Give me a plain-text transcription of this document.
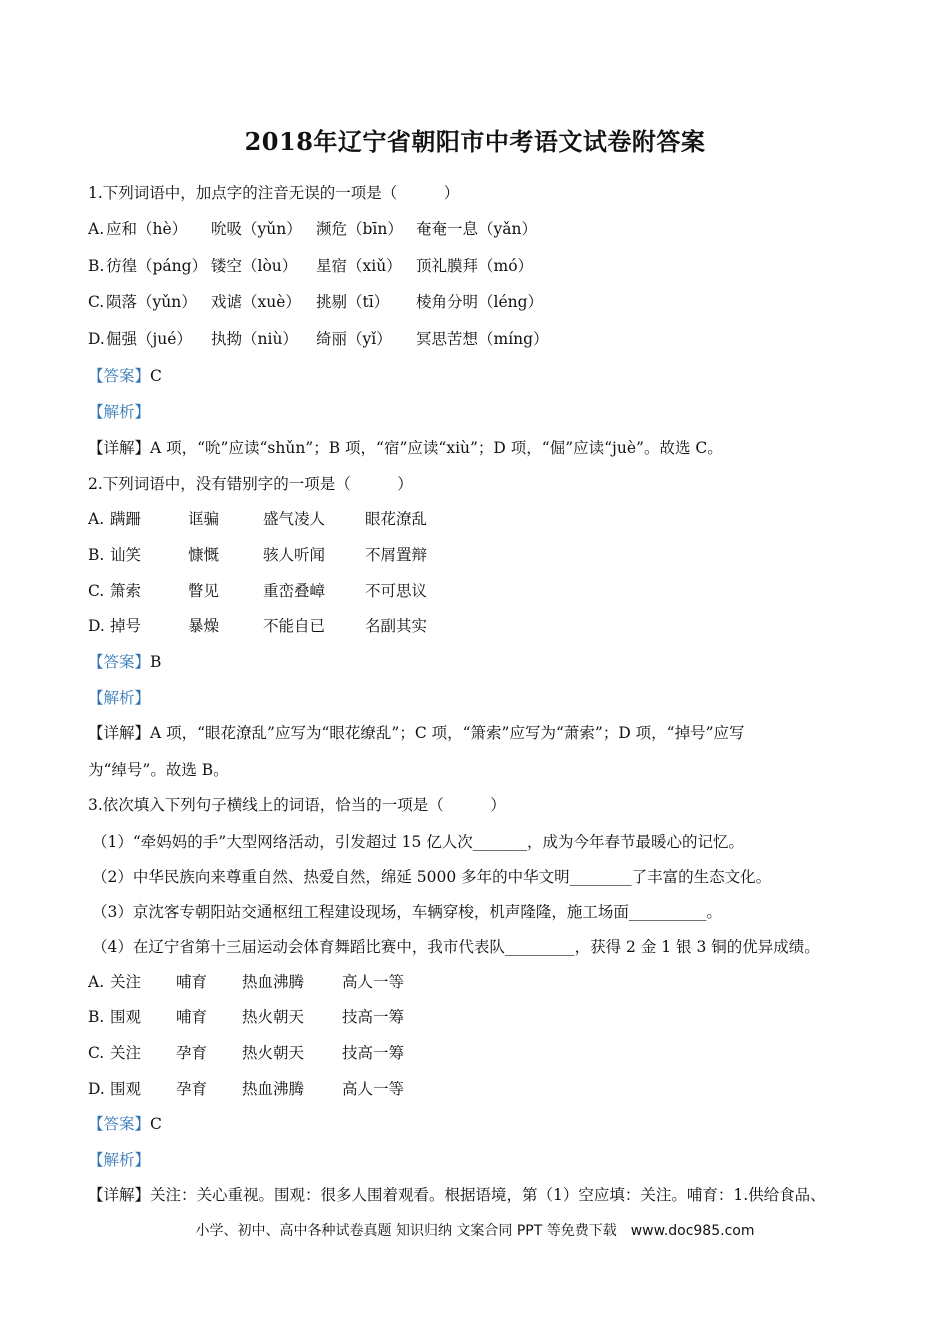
2018年辽宁省朝阳市中考语文试卷附答案
1.下列词语中，加点字的注音无误的一项是（　　　）
A. 应和（hè） 吮吸（yǔn） 濒危（bīn） 奄奄一息（yǎn）
B. 彷徨（páng） 镂空（lòu） 星宿（xiǔ） 顶礼膜拜（mó）
C. 陨落（yǔn） 戏谑（xuè） 挑剔（tī） 棱角分明（léng）
D.倔强（jué） 执拗（niù） 绮丽（yǐ） 冥思苦想（míng）
【答案】C
【解析】
【详解】A 项，“吮”应读“shǔn”；B 项，“宿”应读“xiù”；D 项，“倔”应读“juè”。故选 C。
2.下列词语中，没有错别字的一项是（　　　）
A. 蹒跚	诓骗	盛气凌人	眼花潦乱
B. 讪笑	慷慨	骇人听闻	不屑置辩
C. 箫索	瞥见	重峦叠嶂	不可思议
D. 掉号	暴燥	不能自已	名副其实
【答案】B
【解析】
【详解】A 项，“眼花潦乱”应写为“眼花缭乱”；C 项，“箫索”应写为“萧索”；D 项，“掉号”应写
为“绰号”。故选 B。
3.依次填入下列句子横线上的词语，恰当的一项是（　　　）
（1）“牵妈妈的手”大型网络活动，引发超过 15 亿人次_______，成为今年春节最暖心的记忆。
（2）中华民族向来尊重自然、热爱自然，绵延 5000 多年的中华文明________了丰富的生态文化。
（3）京沈客专朝阳站交通枢纽工程建设现场，车辆穿梭，机声隆隆，施工场面__________。
（4）在辽宁省第十三届运动会体育舞蹈比赛中，我市代表队_________，获得 2 金 1 银 3 铜的优异成绩。
A. 关注 哺育 热血沸腾 高人一等
B. 围观 哺育 热火朝天 技高一筹
C. 关注 孕育 热火朝天 技高一筹
D. 围观 孕育 热血沸腾 高人一等
【答案】C
【解析】
【详解】关注：关心重视。围观：很多人围着观看。根据语境，第（1）空应填：关注。哺育：1.供给食品、
小学、初中、高中各种试卷真题 知识归纳 文案合同 PPT 等免费下载　www.doc985.com
